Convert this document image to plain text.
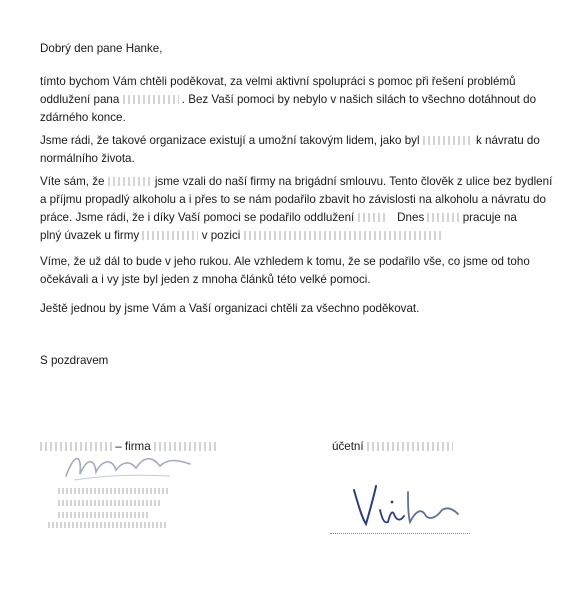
Dobrý den pane Hanke,

tímto bychom Vám chtěli poděkovat, za velmi aktivní spolupráci s pomoc při řešení problémů
oddlužení pana	. Bez Vaší pomoci by nebylo v našich silách to všechno dotáhnout do
zdárného konce.

Jsme rádi, že takové organizace existují a umožní takovým lidem, jako byl	k návratu do
normálního života.

Víte sám, že	jsme vzali do naší firmy na brigádní smlouvu. Tento člověk z ulice bez bydlení
a příjmu propadlý alkoholu a i přes to se nám podařilo zbavit ho závislosti na alkoholu a návratu do
práce. Jsme rádi, že i díky Vaší pomoci se podařilo oddlužení	Dnes	pracuje na
plný úvazek u firmy	v pozici

Víme, že už dál to bude v jeho rukou. Ale vzhledem k tomu, že se podařilo vše, co jsme od toho
očekávali a i vy jste byl jeden z mnoha článků této velké pomoci.

Ještě jednou by jsme Vám a Vaší organizaci chtěli za všechno poděkovat.

S pozdravem

– firma	účetní
